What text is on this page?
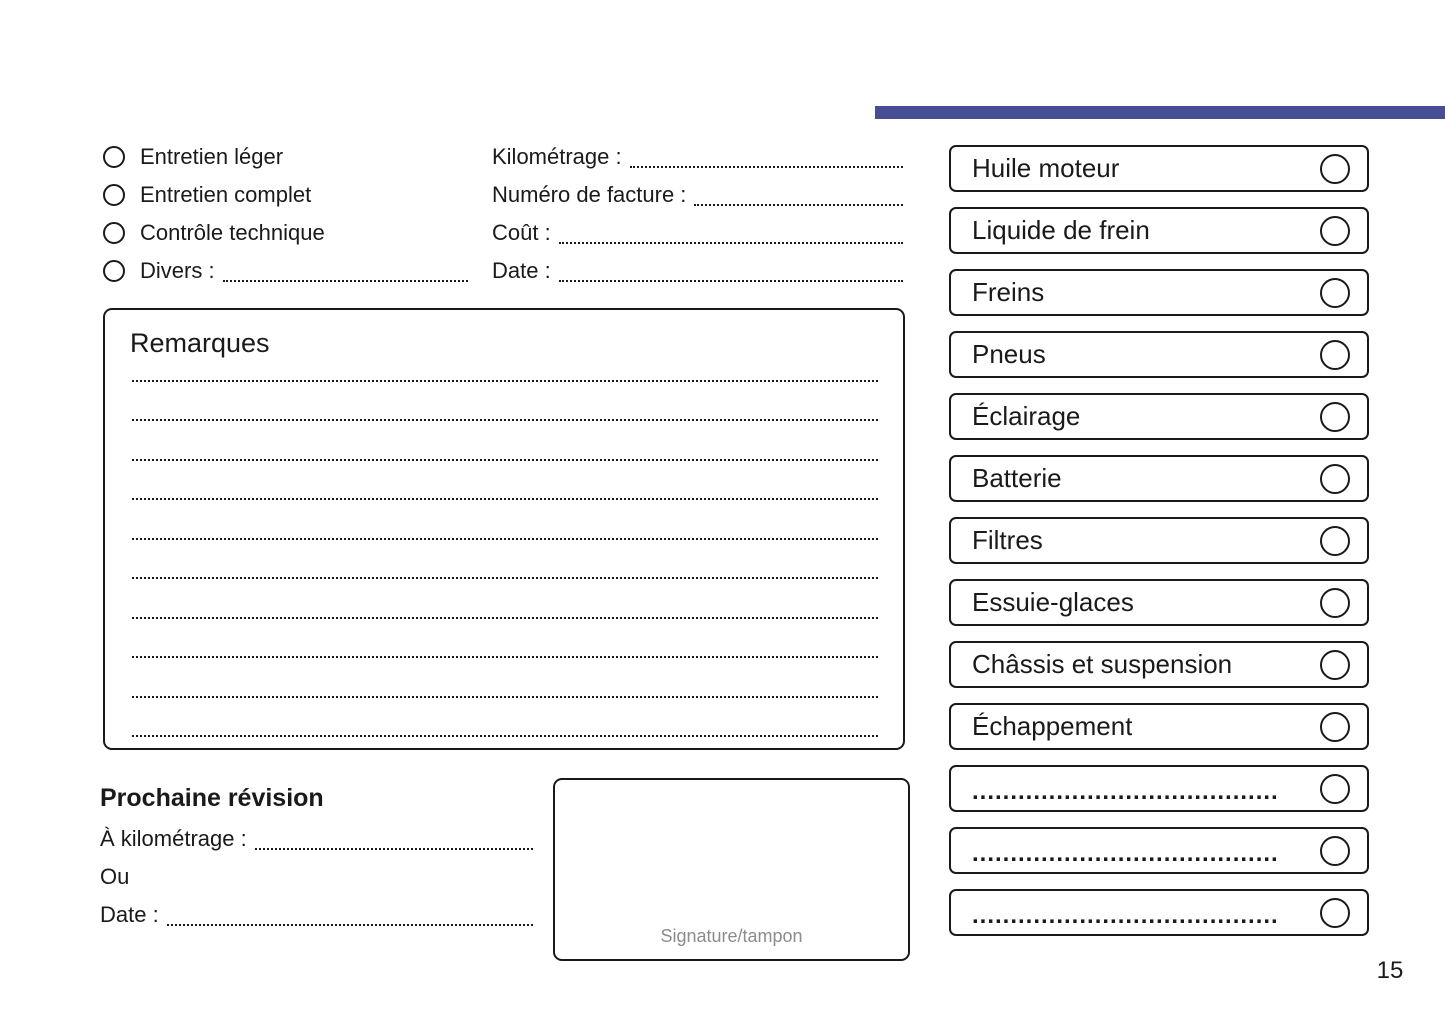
Entretien léger
Entretien complet
Contrôle technique
Divers :
Kilométrage :
Numéro de facture :
Coût :
Date :
Remarques
Prochaine révision
À kilométrage :
Ou
Date :
Signature/tampon
Huile moteur
Liquide de frein
Freins
Pneus
Éclairage
Batterie
Filtres
Essuie-glaces
Châssis et suspension
Échappement
........................................
........................................
........................................
15
